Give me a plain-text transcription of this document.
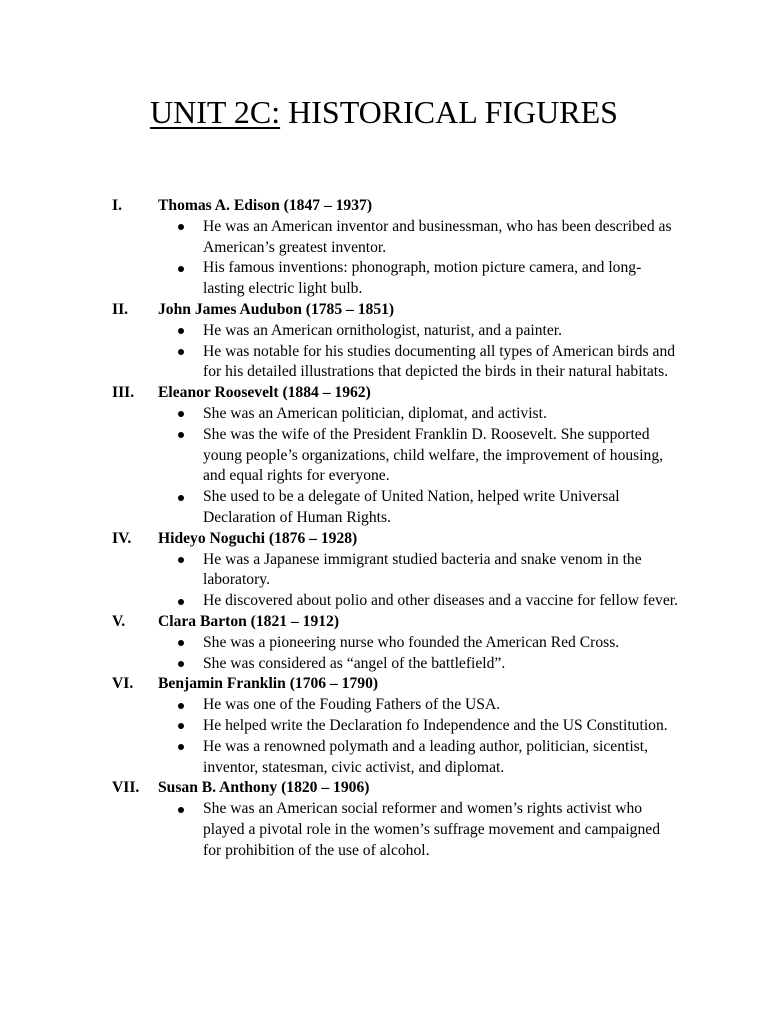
UNIT 2C: HISTORICAL FIGURES
I. Thomas A. Edison (1847 – 1937)
He was an American inventor and businessman, who has been described as American’s greatest inventor.
His famous inventions: phonograph, motion picture camera, and long-lasting electric light bulb.
II. John James Audubon (1785 – 1851)
He was an American ornithologist, naturist, and a painter.
He was notable for his studies documenting all types of American birds and for his detailed illustrations that depicted the birds in their natural habitats.
III. Eleanor Roosevelt (1884 – 1962)
She was an American politician, diplomat, and activist.
She was the wife of the President Franklin D. Roosevelt. She supported young people’s organizations, child welfare, the improvement of housing, and equal rights for everyone.
She used to be a delegate of United Nation, helped write Universal Declaration of Human Rights.
IV. Hideyo Noguchi (1876 – 1928)
He was a Japanese immigrant studied bacteria and snake venom in the laboratory.
He discovered about polio and other diseases and a vaccine for fellow fever.
V. Clara Barton (1821 – 1912)
She was a pioneering nurse who founded the American Red Cross.
She was considered as “angel of the battlefield”.
VI. Benjamin Franklin (1706 – 1790)
He was one of the Fouding Fathers of the USA.
He helped write the Declaration fo Independence and the US Constitution.
He was a renowned polymath and a leading author, politician, sicentist, inventor, statesman, civic activist, and diplomat.
VII. Susan B. Anthony (1820 – 1906)
She was an American social reformer and women’s rights activist who played a pivotal role in the women’s suffrage movement and campaigned for prohibition of the use of alcohol.
